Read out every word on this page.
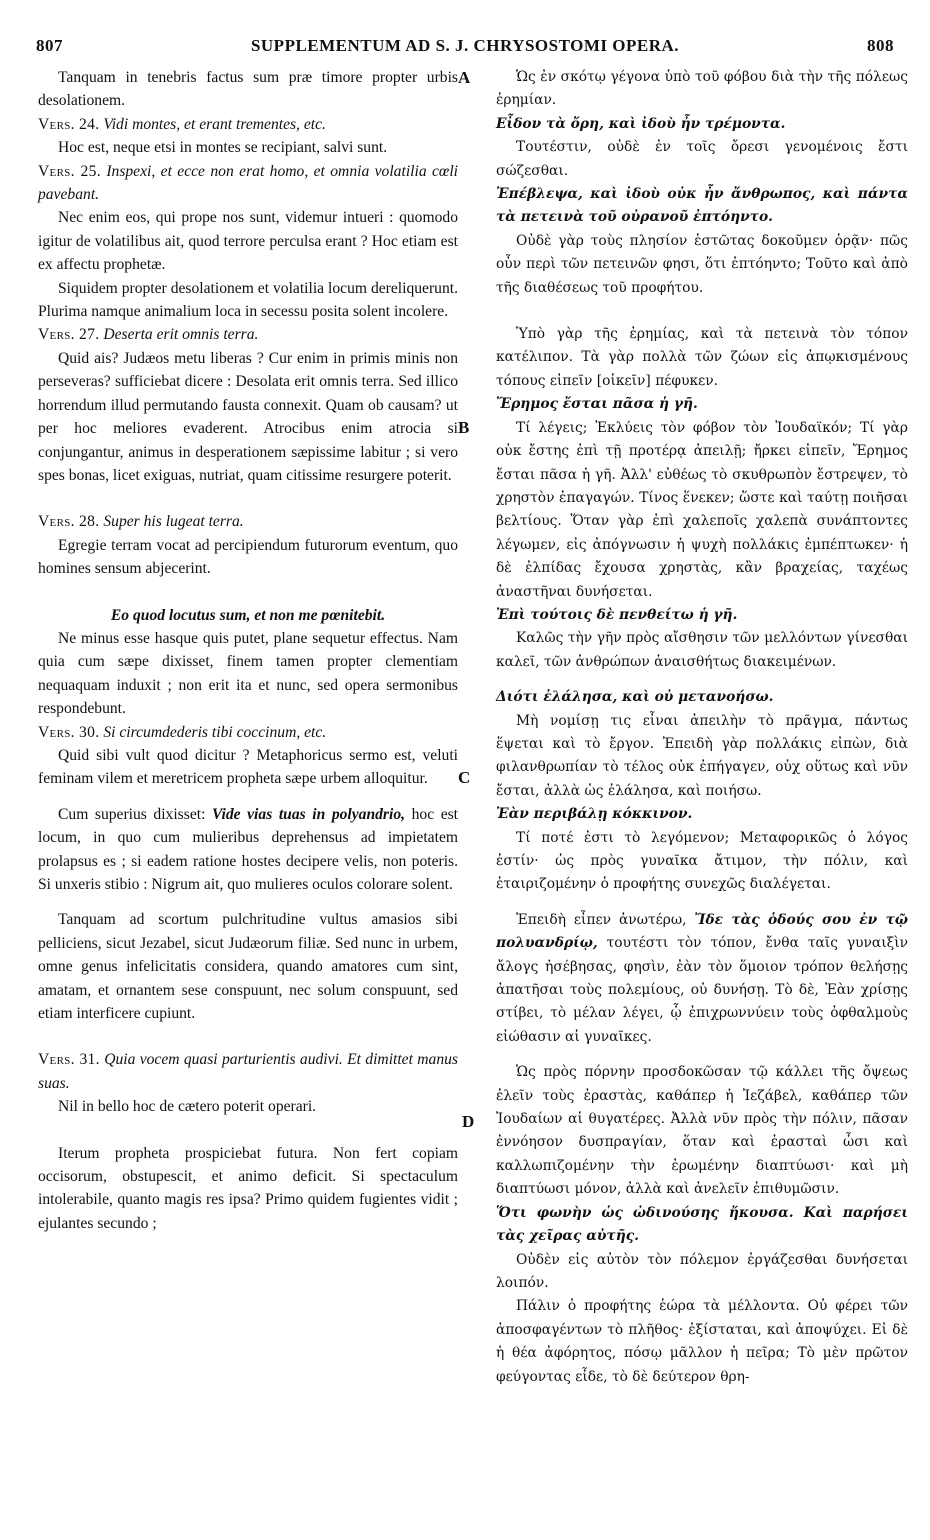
807	SUPPLEMENTUM AD S. J. CHRYSOSTOMI OPERA.	808

Tanquam in tenebris factus sum præ timore propter urbis desolationem.

Vers. 24. Vidi montes, et erant trementes, etc.

Hoc est, neque etsi in montes se recipiant, salvi sunt.

Vers. 25. Inspexi, et ecce non erat homo, et omnia volatilia cœli pavebant.

Nec enim eos, qui prope nos sunt, videmur intueri : quomodo igitur de volatilibus ait, quod terrore perculsa erant ? Hoc etiam est ex affectu prophetæ.

Siquidem propter desolationem et volatilia locum dereliquerunt. Plurima namque animalium loca in secessu posita solent incolere.

Vers. 27. Deserta erit omnis terra.

Quid ais? Judæos metu liberas ? Cur enim in primis minis non perseveras? sufficiebat dicere : Desolata erit omnis terra. Sed illico horrendum illud permutando fausta connexit. Quam ob causam? ut per hoc meliores evaderent. Atrocibus enim atrocia si conjungantur, animus in desperationem sæpissime labitur ; si vero spes bonas, licet exiguas, nutriat, quam citissime resurgere poterit.

Vers. 28. Super his lugeat terra.

Egregie terram vocat ad percipiendum futurorum eventum, quo homines sensum abjecerint.

Eo quod locutus sum, et non me pœnitebit.

Ne minus esse hasque quis putet, plane sequetur effectus. Nam quia cum sæpe dixisset, finem tamen propter clementiam nequaquam induxit ; non erit ita et nunc, sed opera sermonibus respondebunt.

Vers. 30. Si circumdederis tibi coccinum, etc.

Quid sibi vult quod dicitur ? Metaphoricus sermo est, veluti feminam vilem et meretricem propheta sæpe urbem alloquitur.

Cum superius dixisset: Vide vias tuas in polyandrio, hoc est locum, in quo cum mulieribus deprehensus ad impietatem prolapsus es ; si eadem ratione hostes decipere velis, non poteris. Si unxeris stibio : Nigrum ait, quo mulieres oculos colorare solent.

Tanquam ad scortum pulchritudine vultus amasios sibi pelliciens, sicut Jezabel, sicut Judæorum filiæ. Sed nunc in urbem, omne genus infelicitatis considera, quando amatores cum sint, amatam, et ornantem sese conspuunt, nec solum conspuunt, sed etiam interficere cupiunt.

Vers. 31. Quia vocem quasi parturientis audivi. Et dimittet manus suas.

Nil in bello hoc de cætero poterit operari.

Iterum propheta prospiciebat futura. Non fert copiam occisorum, obstupescit, et animo deficit. Si spectaculum intolerabile, quanto magis res ipsa? Primo quidem fugientes vidit ; ejulantes secundo ;

Ὡς ἐν σκότῳ γέγονα ὑπὸ τοῦ φόβου διὰ τὴν τῆς πόλεως ἐρημίαν.

Εἶδον τὰ ὄρη, καὶ ἰδοὺ ἦν τρέμοντα.

Τουτέστιν, οὐδὲ ἐν τοῖς ὄρεσι γενομένοις ἔστι σώζεσθαι.

Ἐπέβλεψα, καὶ ἰδοὺ οὐκ ἦν ἄνθρωπος, καὶ πάντα τὰ πετεινὰ τοῦ οὐρανοῦ ἐπτόηντο.

Οὐδὲ γὰρ τοὺς πλησίον ἑστῶτας δοκοῦμεν ὁρᾷν· πῶς οὖν περὶ τῶν πετεινῶν φησι, ὅτι ἐπτόηντο; Τοῦτο καὶ ἀπὸ τῆς διαθέσεως τοῦ προφήτου.

Ὑπὸ γὰρ τῆς ἐρημίας, καὶ τὰ πετεινὰ τὸν τόπον κατέλιπον. Τὰ γὰρ πολλὰ τῶν ζώων εἰς ἀπῳκισμένους τόπους εἰπεῖν [οἰκεῖν] πέφυκεν.

Ἔρημος ἔσται πᾶσα ἡ γῆ.

Τί λέγεις; Ἐκλύεις τὸν φόβον τὸν Ἰουδαϊκόν; Τί γὰρ οὐκ ἔστης ἐπὶ τῇ προτέρᾳ ἀπειλῇ; ἤρκει εἰπεῖν, Ἔρημος ἔσται πᾶσα ἡ γῆ. Ἀλλ' εὐθέως τὸ σκυθρωπὸν ἔστρεψεν, τὸ χρηστὸν ἐπαγαγών. Τίνος ἕνεκεν; ὥστε καὶ ταύτῃ ποιῆσαι βελτίους. Ὅταν γὰρ ἐπὶ χαλεποῖς χαλεπὰ συνάπτοντες λέγωμεν, εἰς ἀπόγνωσιν ἡ ψυχὴ πολλάκις ἐμπέπτωκεν· ἡ δὲ ἐλπίδας ἔχουσα χρηστὰς, κἂν βραχείας, ταχέως ἀναστῆναι δυνήσεται.

Ἐπὶ τούτοις δὲ πενθείτω ἡ γῆ.

Καλῶς τὴν γῆν πρὸς αἴσθησιν τῶν μελλόντων γίνεσθαι καλεῖ, τῶν ἀνθρώπων ἀναισθήτως διακειμένων.

Διότι ἐλάλησα, καὶ οὐ μετανοήσω.

Μὴ νομίσῃ τις εἶναι ἀπειλὴν τὸ πρᾶγμα, πάντως ἕψεται καὶ τὸ ἔργον. Ἐπειδὴ γὰρ πολλάκις εἰπὼν, διὰ φιλανθρωπίαν τὸ τέλος οὐκ ἐπήγαγεν, οὐχ οὕτως καὶ νῦν ἔσται, ἀλλὰ ὡς ἐλάλησα, καὶ ποιήσω.

Ἐὰν περιβάλῃ κόκκινον.

Τί ποτέ ἐστι τὸ λεγόμενον; Μεταφορικῶς ὁ λόγος ἐστίν· ὡς πρὸς γυναῖκα ἄτιμον, τὴν πόλιν, καὶ ἑταιριζομένην ὁ προφήτης συνεχῶς διαλέγεται.

Ἐπειδὴ εἶπεν ἀνωτέρω, Ἴδε τὰς ὁδούς σου ἐν τῷ πολυανδρίῳ, τουτέστι τὸν τόπον, ἔνθα ταῖς γυναιξὶν ἄλογς ἠσέβησας, φησὶν, ἐὰν τὸν ὅμοιον τρόπον θελήσῃς ἀπατῆσαι τοὺς πολεμίους, οὐ δυνήσῃ. Τὸ δὲ, Ἐὰν χρίσῃς στίβει, τὸ μέλαν λέγει, ᾧ ἐπιχρωννύειν τοὺς ὀφθαλμοὺς εἰώθασιν αἱ γυναῖκες.

Ὡς πρὸς πόρνην προσδοκῶσαν τῷ κάλλει τῆς ὄψεως ἐλεῖν τοὺς ἐραστὰς, καθάπερ ἡ Ἰεζάβελ, καθάπερ τῶν Ἰουδαίων αἱ θυγατέρες. Ἀλλὰ νῦν πρὸς τὴν πόλιν, πᾶσαν ἐννόησον δυσπραγίαν, ὅταν καὶ ἐρασταὶ ὦσι καὶ καλλωπιζομένην τὴν ἐρωμένην διαπτύωσι· καὶ μὴ διαπτύωσι μόνον, ἀλλὰ καὶ ἀνελεῖν ἐπιθυμῶσιν.

Ὅτι φωνὴν ὡς ὠδινούσης ἤκουσα. Καὶ παρήσει τὰς χεῖρας αὐτῆς.

Οὐδὲν εἰς αὐτὸν τὸν πόλεμον ἐργάζεσθαι δυνήσεται λοιπόν.

Πάλιν ὁ προφήτης ἑώρα τὰ μέλλοντα. Οὐ φέρει τῶν ἀποσφαγέντων τὸ πλῆθος· ἐξίσταται, καὶ ἀποψύχει. Εἰ δὲ ἡ θέα ἀφόρητος, πόσῳ μᾶλλον ἡ πεῖρα; Τὸ μὲν πρῶτον φεύγοντας εἶδε, τὸ δὲ δεύτερον θρη-

A
B
C
D
